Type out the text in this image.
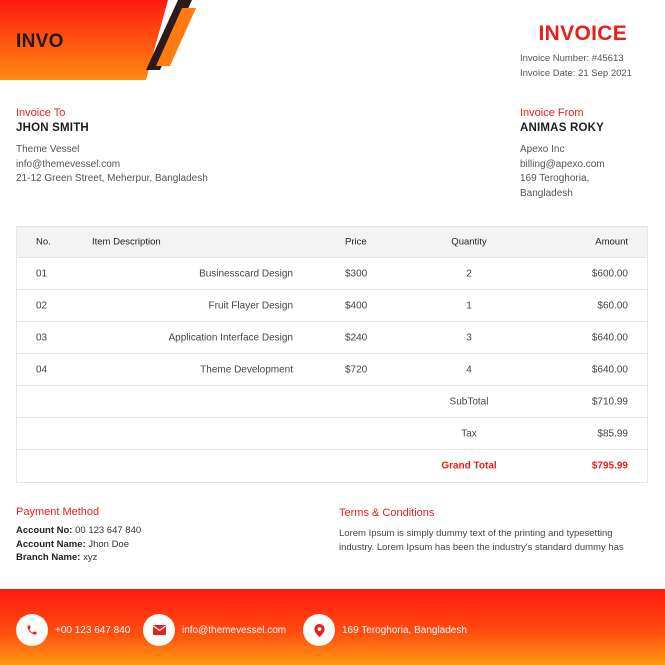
INVO	INVOICE
Invoice Number: #45613
Invoice Date: 21 Sep 2021
Invoice To
JHON SMITH
Theme Vessel
info@themevessel.com
21-12 Green Street, Meherpur, Bangladesh
Invoice From
ANIMAS ROKY
Apexo Inc
billing@apexo.com
169 Teroghoria,
Bangladesh
No.	Item Description	Price	Quantity	Amount
01	Businesscard Design	$300	2	$600.00
02	Fruit Flayer Design	$400	1	$60.00
03	Application Interface Design	$240	3	$640.00
04	Theme Development	$720	4	$640.00
SubTotal	$710.99
Tax	$85.99
Grand Total	$795.99
Payment Method
Account No: 00 123 647 840
Account Name: Jhon Doe
Branch Name: xyz
Terms & Conditions
Lorem Ipsum is simply dummy text of the printing and typesetting industry. Lorem Ipsum has been the industry's standard dummy has
+00 123 647 840	info@themevessel.com	169 Teroghoria, Bangladesh
